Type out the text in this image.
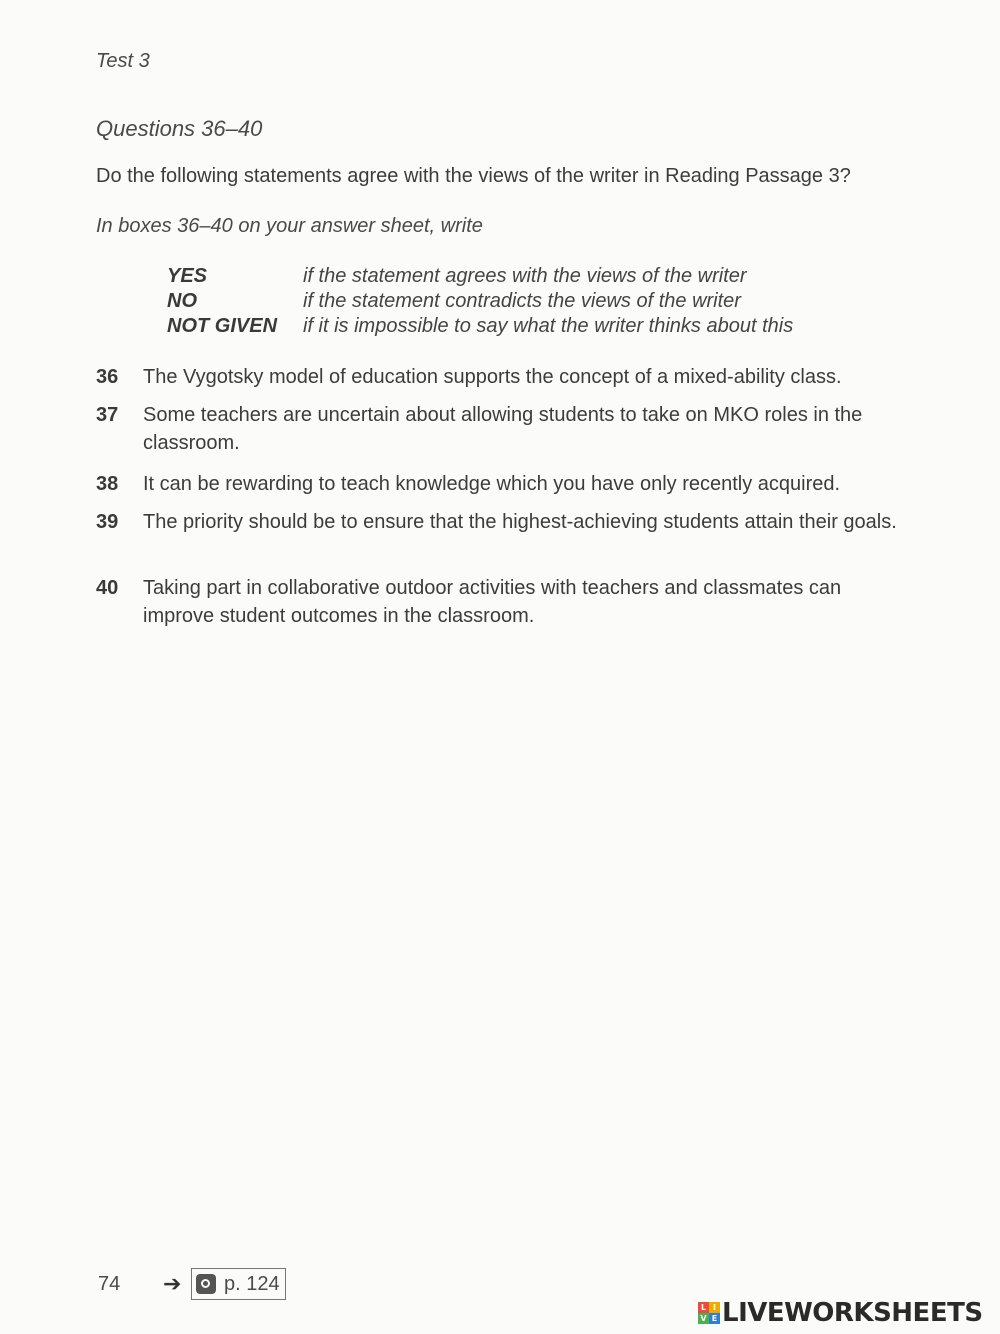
Test 3
Questions 36–40
Do the following statements agree with the views of the writer in Reading Passage 3?
In boxes 36–40 on your answer sheet, write
YES	if the statement agrees with the views of the writer
NO	if the statement contradicts the views of the writer
NOT GIVEN	if it is impossible to say what the writer thinks about this
36	The Vygotsky model of education supports the concept of a mixed-ability class.
37	Some teachers are uncertain about allowing students to take on MKO roles in the classroom.
38	It can be rewarding to teach knowledge which you have only recently acquired.
39	The priority should be to ensure that the highest-achieving students attain their goals.
40	Taking part in collaborative outdoor activities with teachers and classmates can improve student outcomes in the classroom.
74 ➔ p. 124
L I
V E LIVEWORKSHEETS
